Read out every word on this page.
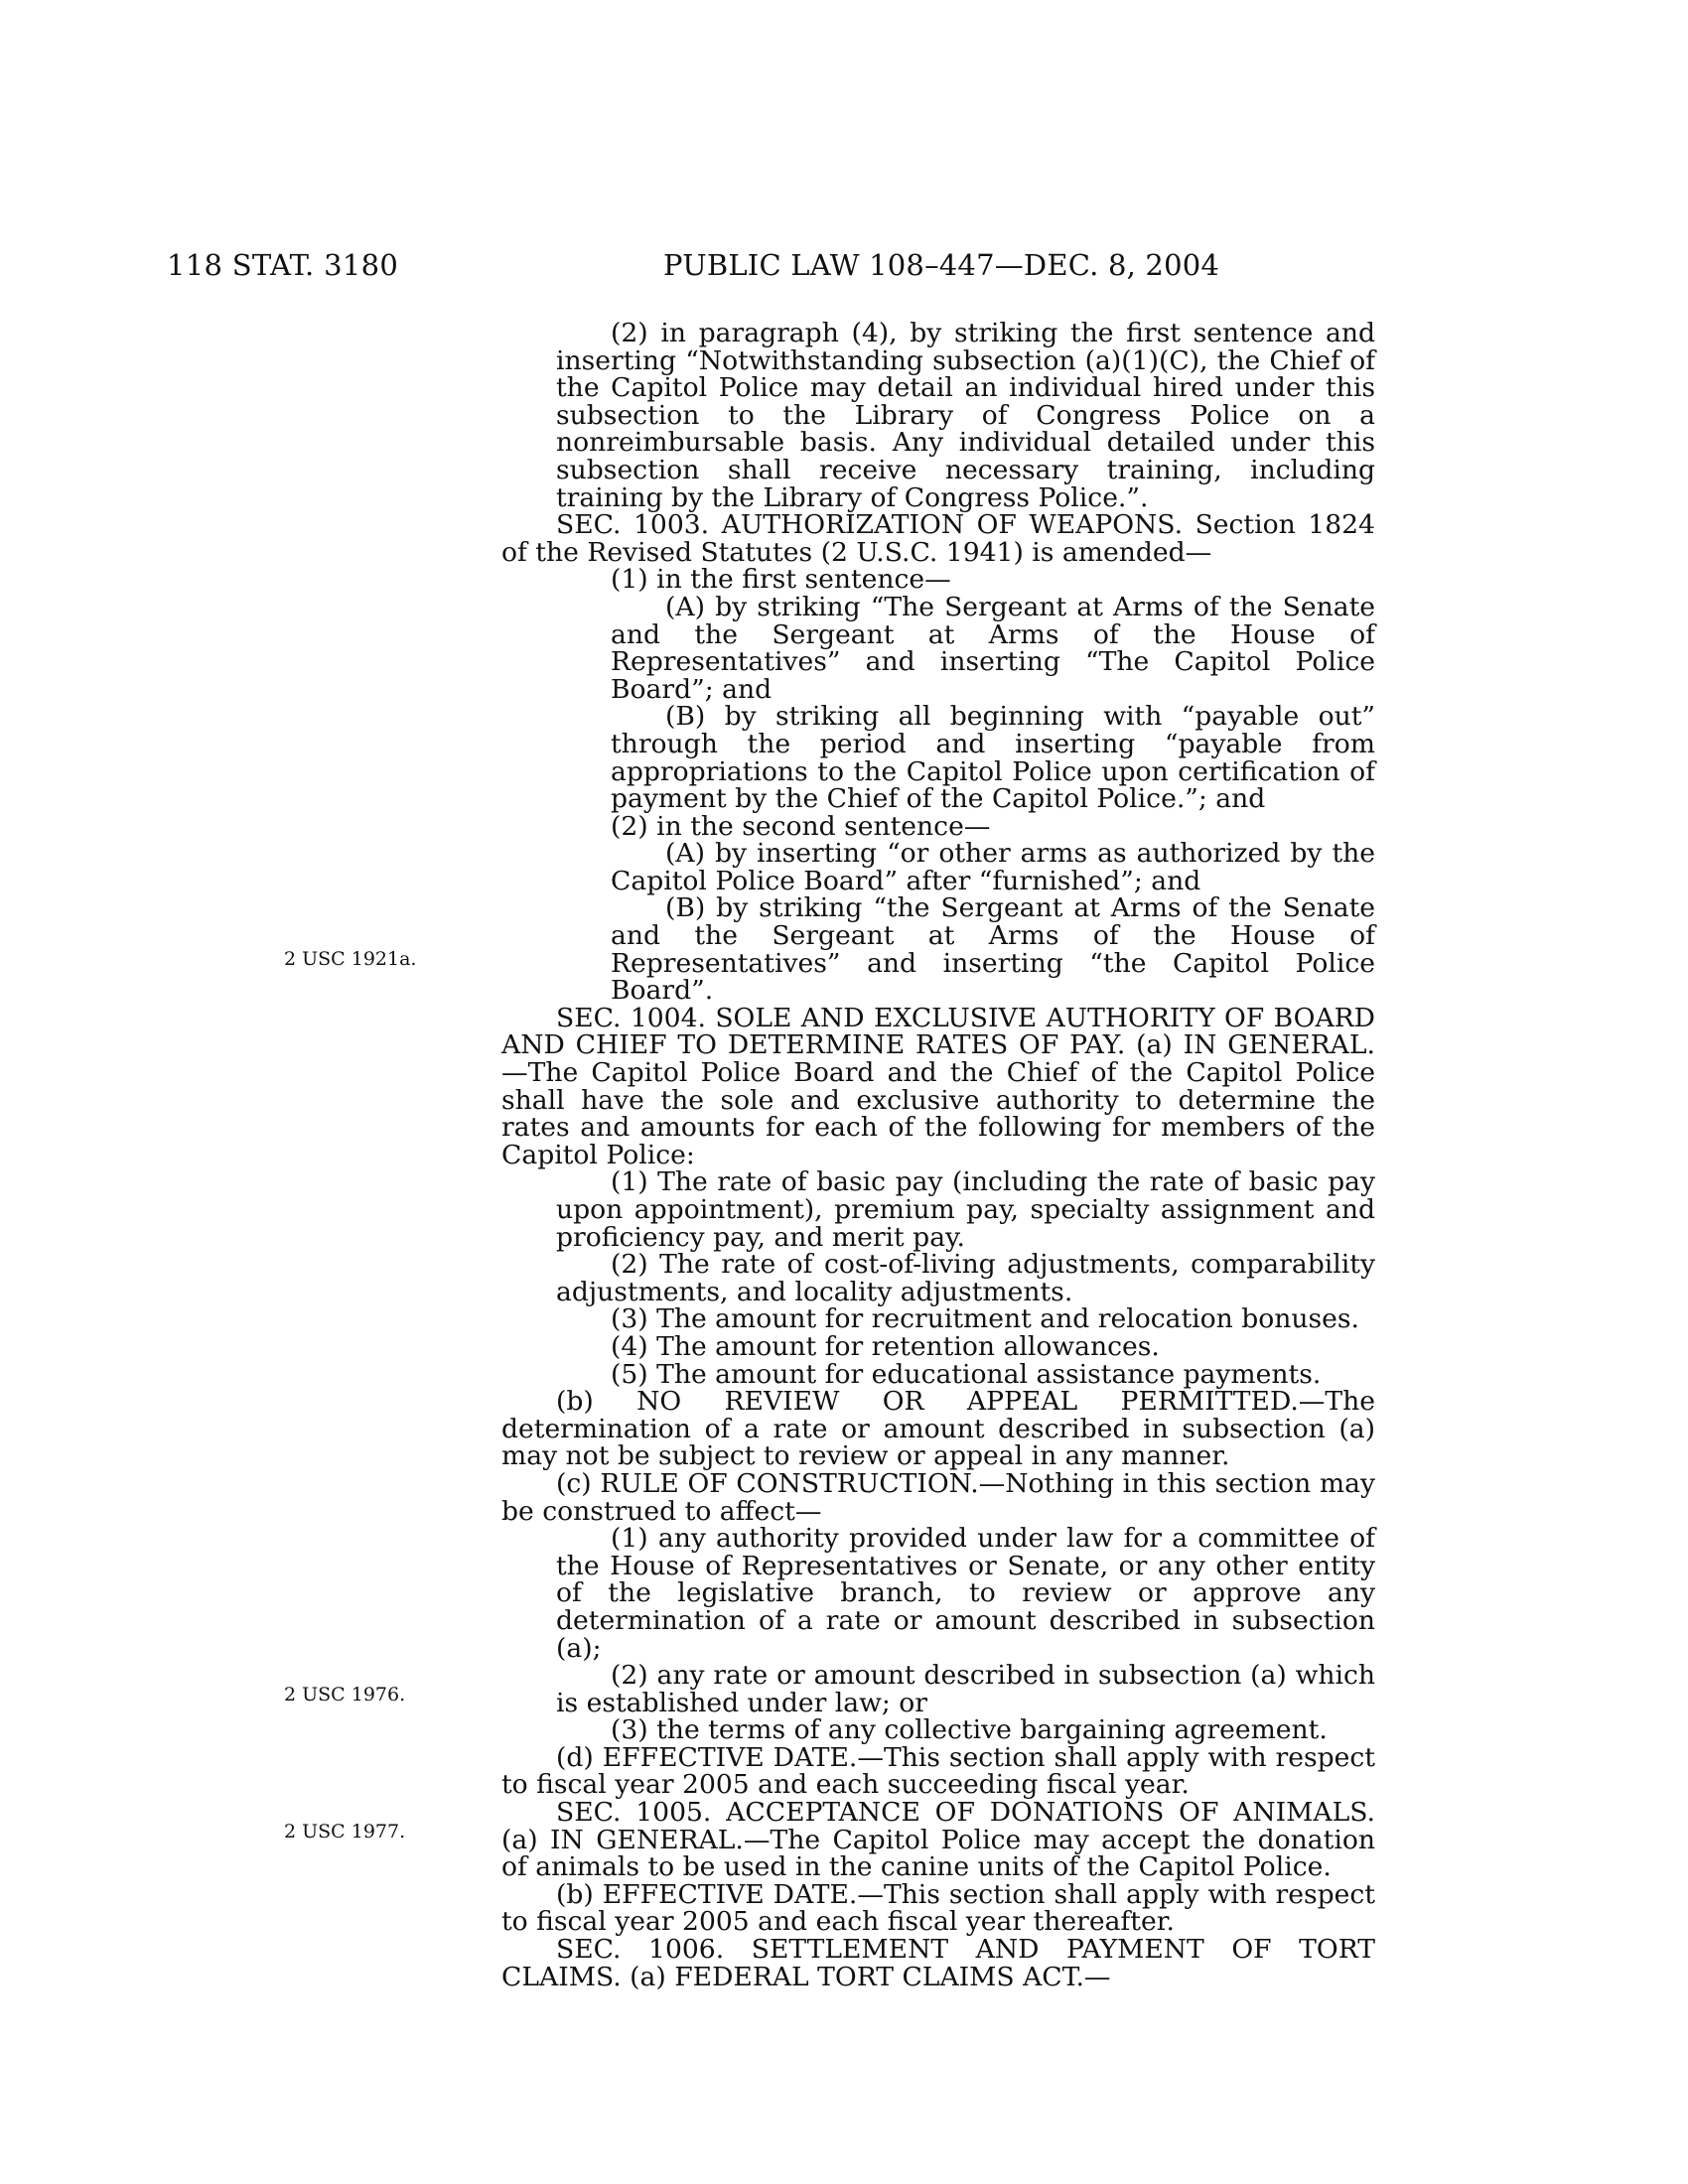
118 STAT. 3180	PUBLIC LAW 108–447—DEC. 8, 2004
2 USC 1921a.
2 USC 1976.
2 USC 1977.

(2) in paragraph (4), by striking the first sentence and inserting “Notwithstanding subsection (a)(1)(C), the Chief of the Capitol Police may detail an individual hired under this subsection to the Library of Congress Police on a nonreimbursable basis. Any individual detailed under this subsection shall receive necessary training, including training by the Library of Congress Police.”.

SEC. 1003. AUTHORIZATION OF WEAPONS. Section 1824 of the Revised Statutes (2 U.S.C. 1941) is amended—

(1) in the first sentence—

(A) by striking “The Sergeant at Arms of the Senate and the Sergeant at Arms of the House of Representatives” and inserting “The Capitol Police Board”; and

(B) by striking all beginning with “payable out” through the period and inserting “payable from appropriations to the Capitol Police upon certification of payment by the Chief of the Capitol Police.”; and

(2) in the second sentence—

(A) by inserting “or other arms as authorized by the Capitol Police Board” after “furnished”; and

(B) by striking “the Sergeant at Arms of the Senate and the Sergeant at Arms of the House of Representatives” and inserting “the Capitol Police Board”.

SEC. 1004. SOLE AND EXCLUSIVE AUTHORITY OF BOARD AND CHIEF TO DETERMINE RATES OF PAY. (a) IN GENERAL.—The Capitol Police Board and the Chief of the Capitol Police shall have the sole and exclusive authority to determine the rates and amounts for each of the following for members of the Capitol Police:

(1) The rate of basic pay (including the rate of basic pay upon appointment), premium pay, specialty assignment and proficiency pay, and merit pay.

(2) The rate of cost-of-living adjustments, comparability adjustments, and locality adjustments.

(3) The amount for recruitment and relocation bonuses.

(4) The amount for retention allowances.

(5) The amount for educational assistance payments.

(b) NO REVIEW OR APPEAL PERMITTED.—The determination of a rate or amount described in subsection (a) may not be subject to review or appeal in any manner.

(c) RULE OF CONSTRUCTION.—Nothing in this section may be construed to affect—

(1) any authority provided under law for a committee of the House of Representatives or Senate, or any other entity of the legislative branch, to review or approve any determination of a rate or amount described in subsection (a);

(2) any rate or amount described in subsection (a) which is established under law; or

(3) the terms of any collective bargaining agreement.

(d) EFFECTIVE DATE.—This section shall apply with respect to fiscal year 2005 and each succeeding fiscal year.

SEC. 1005. ACCEPTANCE OF DONATIONS OF ANIMALS. (a) IN GENERAL.—The Capitol Police may accept the donation of animals to be used in the canine units of the Capitol Police.

(b) EFFECTIVE DATE.—This section shall apply with respect to fiscal year 2005 and each fiscal year thereafter.

SEC. 1006. SETTLEMENT AND PAYMENT OF TORT CLAIMS. (a) FEDERAL TORT CLAIMS ACT.—
